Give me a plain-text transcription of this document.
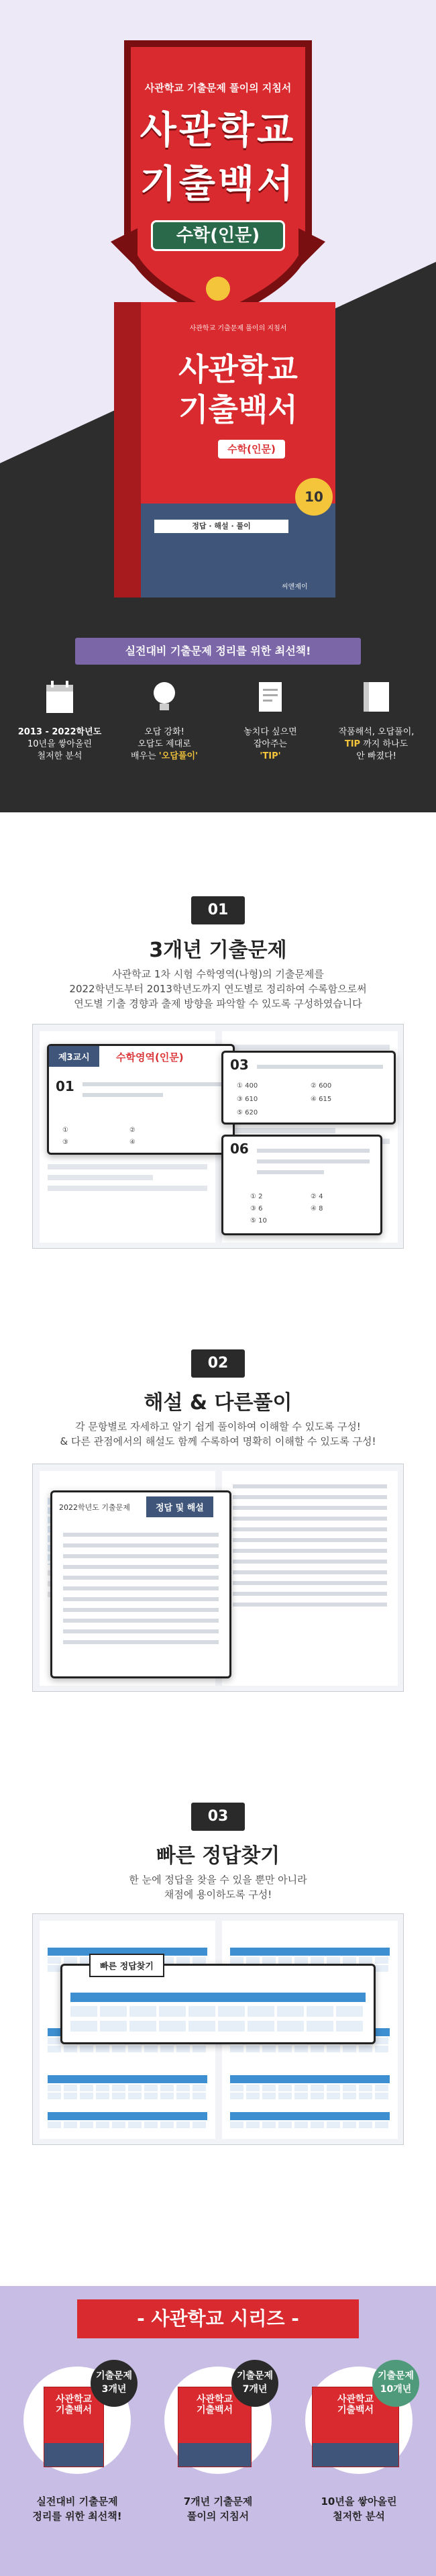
사관학교 기출문제 풀이의 지침서
사관학교
기출백서
수학(인문)
사관학교 기출문제 풀이의 지침서
사관학교
기출백서
수학(인문)
10
정답 · 해설 · 풀이
씨앤제이
실전대비 기출문제 정리를 위한 최선책!
2013 - 2022학년도
10년을 쌓아올린
철저한 분석
오답 강화!
오답도 제대로
배우는 '오답풀이'
놓치다 싶으면
잡아주는
'TIP'
작품해석, 오답풀이,
TIP 까지 하나도
안 빠졌다!
01
3개년 기출문제
사관학교 1차 시험 수학영역(나형)의 기출문제를
2022학년도부터 2013학년도까지 연도별로 정리하여 수록함으로써
연도별 기출 경향과 출제 방향을 파악할 수 있도록 구성하였습니다
제3교시	수학영역(인문)
01
①	②
③	④
03
① 400	② 600
③ 610	④ 615
⑤ 620
06
① 2	② 4
③ 6	④ 8
⑤ 10
02
해설 & 다른풀이
각 문항별로 자세하고 알기 쉽게 풀이하여 이해할 수 있도록 구성!
& 다른 관점에서의 해설도 함께 수록하여 명확히 이해할 수 있도록 구성!
2022학년도 기출문제	정답 및 해설
03
빠른 정답찾기
한 눈에 정답을 찾을 수 있을 뿐만 아니라
채점에 용이하도록 구성!
빠른 정답찾기
- 사관학교 시리즈 -
사관학교
기출백서
기출문제
3개년
실전대비 기출문제
정리를 위한 최선책!
사관학교
기출백서
기출문제
7개년
7개년 기출문제
풀이의 지침서
사관학교
기출백서
기출문제
10개년
10년을 쌓아올린
철저한 분석
